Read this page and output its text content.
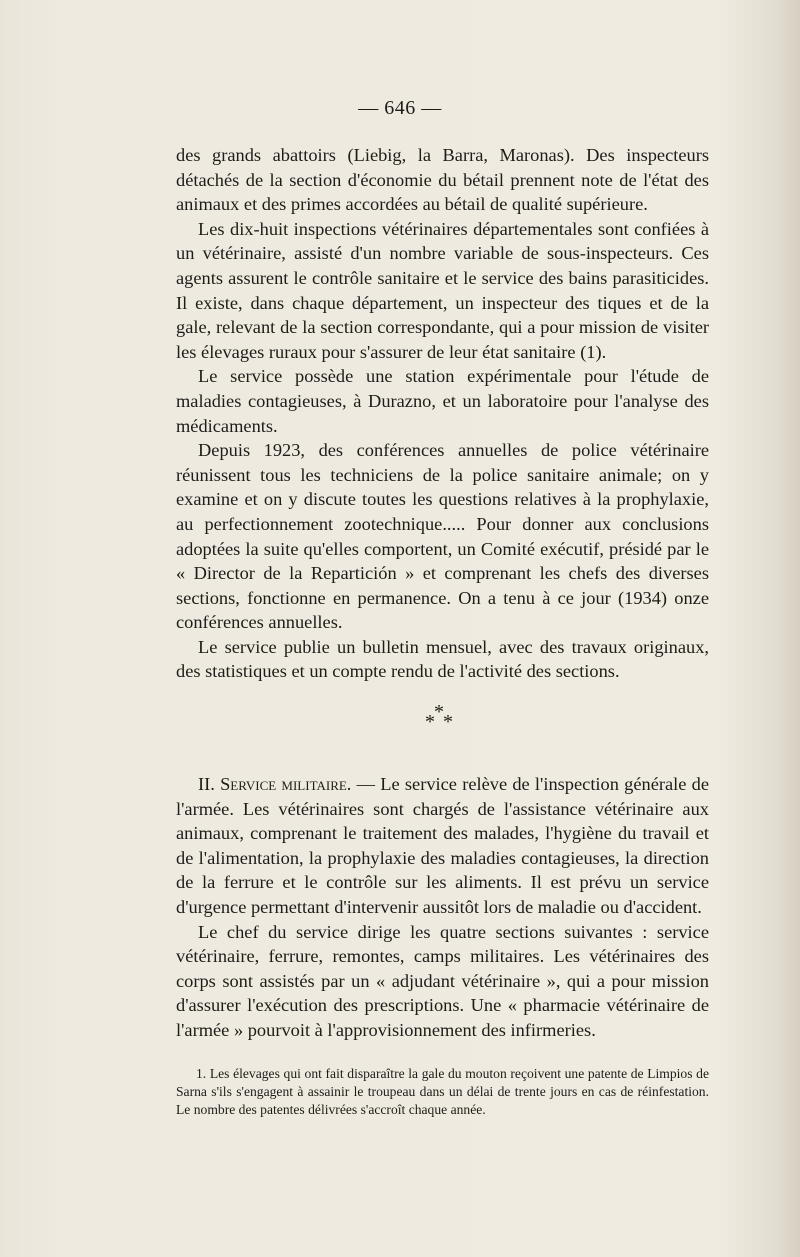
— 646 —

des grands abattoirs (Liebig, la Barra, Maronas). Des inspecteurs détachés de la section d'économie du bétail prennent note de l'état des animaux et des primes accordées au bétail de qualité supérieure.

Les dix-huit inspections vétérinaires départementales sont confiées à un vétérinaire, assisté d'un nombre variable de sous-inspecteurs. Ces agents assurent le contrôle sanitaire et le service des bains parasiticides. Il existe, dans chaque département, un inspecteur des tiques et de la gale, relevant de la section correspondante, qui a pour mission de visiter les élevages ruraux pour s'assurer de leur état sanitaire (1).

Le service possède une station expérimentale pour l'étude de maladies contagieuses, à Durazno, et un laboratoire pour l'analyse des médicaments.

Depuis 1923, des conférences annuelles de police vétérinaire réunissent tous les techniciens de la police sanitaire animale; on y examine et on y discute toutes les questions relatives à la prophylaxie, au perfectionnement zootechnique..... Pour donner aux conclusions adoptées la suite qu'elles comportent, un Comité exécutif, présidé par le « Director de la Repartición » et comprenant les chefs des diverses sections, fonctionne en permanence. On a tenu à ce jour (1934) onze conférences annuelles.

Le service publie un bulletin mensuel, avec des travaux originaux, des statistiques et un compte rendu de l'activité des sections.

*
* *

II. Service militaire. — Le service relève de l'inspection générale de l'armée. Les vétérinaires sont chargés de l'assistance vétérinaire aux animaux, comprenant le traitement des malades, l'hygiène du travail et de l'alimentation, la prophylaxie des maladies contagieuses, la direction de la ferrure et le contrôle sur les aliments. Il est prévu un service d'urgence permettant d'intervenir aussitôt lors de maladie ou d'accident.

Le chef du service dirige les quatre sections suivantes : service vétérinaire, ferrure, remontes, camps militaires. Les vétérinaires des corps sont assistés par un « adjudant vétérinaire », qui a pour mission d'assurer l'exécution des prescriptions. Une « pharmacie vétérinaire de l'armée » pourvoit à l'approvisionnement des infirmeries.

1. Les élevages qui ont fait disparaître la gale du mouton reçoivent une patente de Limpios de Sarna s'ils s'engagent à assainir le troupeau dans un délai de trente jours en cas de réinfestation. Le nombre des patentes délivrées s'accroît chaque année.
